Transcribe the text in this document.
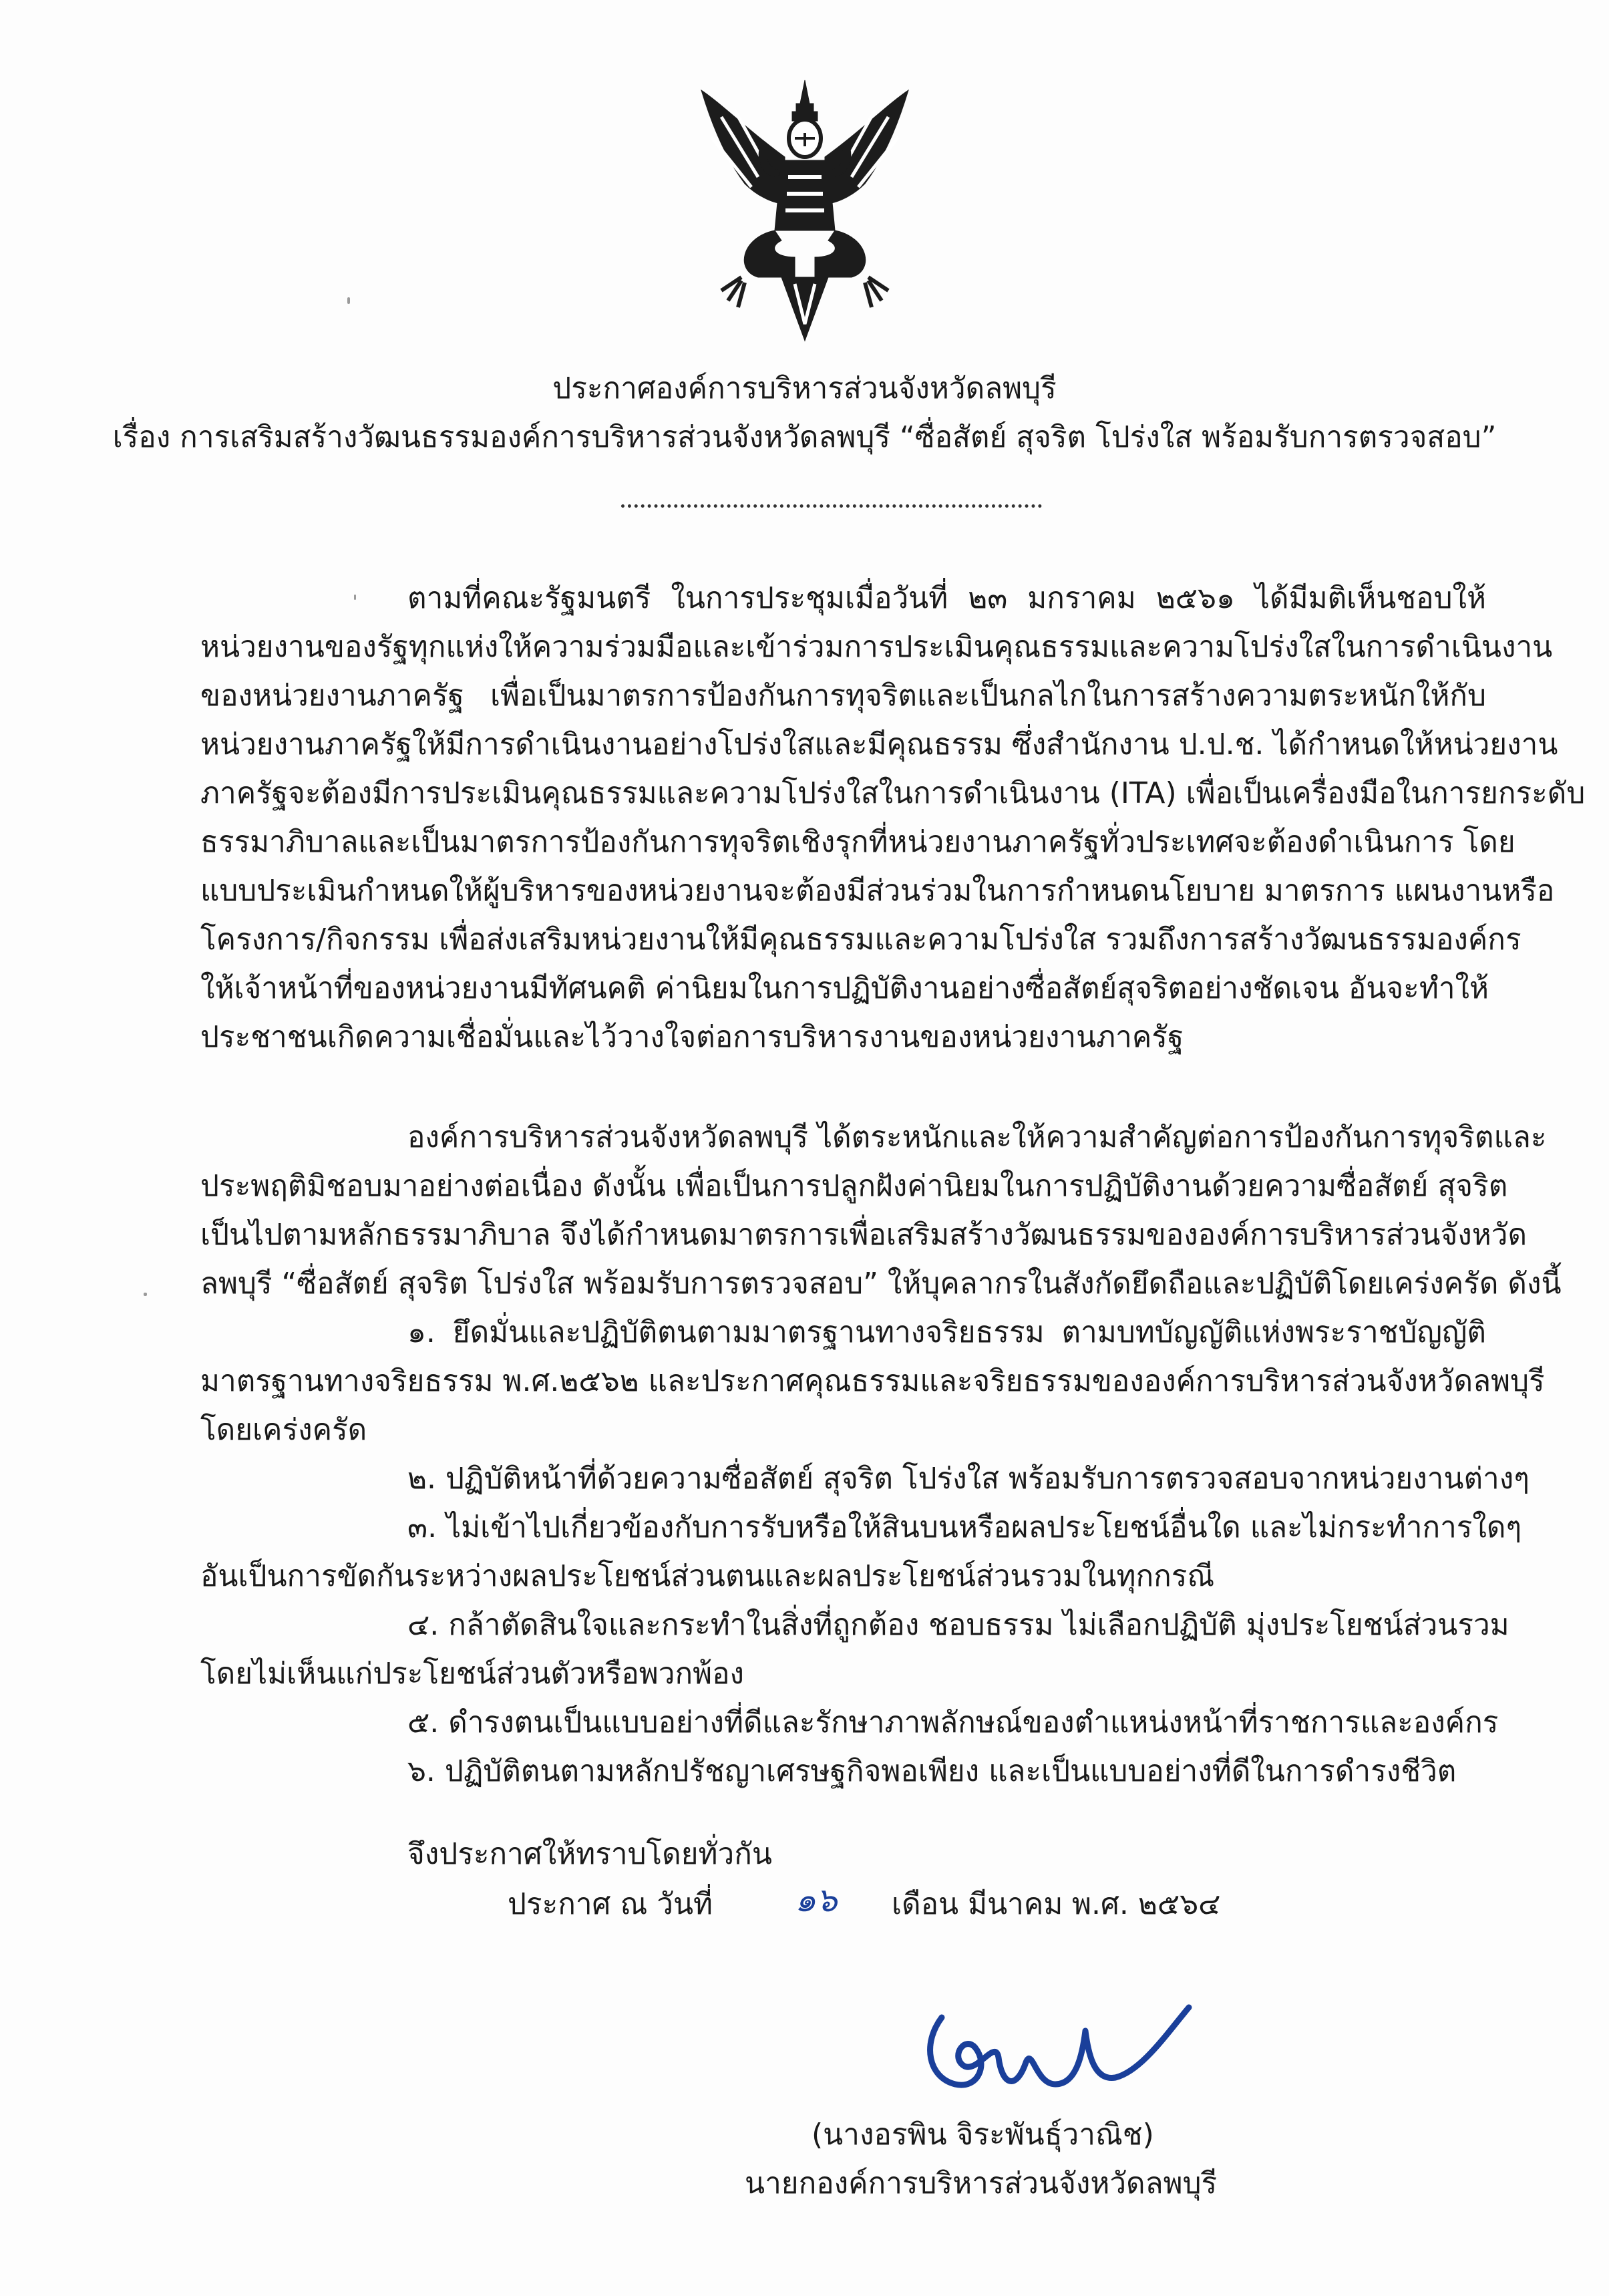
ประกาศองค์การบริหารส่วนจังหวัดลพบุรี
เรื่อง การเสริมสร้างวัฒนธรรมองค์การบริหารส่วนจังหวัดลพบุรี “ซื่อสัตย์ สุจริต โปร่งใส พร้อมรับการตรวจสอบ”
ตามที่คณะรัฐมนตรี ในการประชุมเมื่อวันที่ ๒๓ มกราคม ๒๕๖๑ ได้มีมติเห็นชอบให้
หน่วยงานของรัฐทุกแห่งให้ความร่วมมือและเข้าร่วมการประเมินคุณธรรมและความโปร่งใสในการดำเนินงาน
ของหน่วยงานภาครัฐ เพื่อเป็นมาตรการป้องกันการทุจริตและเป็นกลไกในการสร้างความตระหนักให้กับ
หน่วยงานภาครัฐให้มีการดำเนินงานอย่างโปร่งใสและมีคุณธรรม ซึ่งสำนักงาน ป.ป.ช. ได้กำหนดให้หน่วยงาน
ภาครัฐจะต้องมีการประเมินคุณธรรมและความโปร่งใสในการดำเนินงาน (ITA) เพื่อเป็นเครื่องมือในการยกระดับ
ธรรมาภิบาลและเป็นมาตรการป้องกันการทุจริตเชิงรุกที่หน่วยงานภาครัฐทั่วประเทศจะต้องดำเนินการ โดย
แบบประเมินกำหนดให้ผู้บริหารของหน่วยงานจะต้องมีส่วนร่วมในการกำหนดนโยบาย มาตรการ แผนงานหรือ
โครงการ/กิจกรรม เพื่อส่งเสริมหน่วยงานให้มีคุณธรรมและความโปร่งใส รวมถึงการสร้างวัฒนธรรมองค์กร
ให้เจ้าหน้าที่ของหน่วยงานมีทัศนคติ ค่านิยมในการปฏิบัติงานอย่างซื่อสัตย์สุจริตอย่างชัดเจน อันจะทำให้
ประชาชนเกิดความเชื่อมั่นและไว้วางใจต่อการบริหารงานของหน่วยงานภาครัฐ
องค์การบริหารส่วนจังหวัดลพบุรี ได้ตระหนักและให้ความสำคัญต่อการป้องกันการทุจริตและ
ประพฤติมิชอบมาอย่างต่อเนื่อง ดังนั้น เพื่อเป็นการปลูกฝังค่านิยมในการปฏิบัติงานด้วยความซื่อสัตย์ สุจริต
เป็นไปตามหลักธรรมาภิบาล จึงได้กำหนดมาตรการเพื่อเสริมสร้างวัฒนธรรมขององค์การบริหารส่วนจังหวัด
ลพบุรี “ซื่อสัตย์ สุจริต โปร่งใส พร้อมรับการตรวจสอบ” ให้บุคลากรในสังกัดยึดถือและปฏิบัติโดยเคร่งครัด ดังนี้
๑. ยึดมั่นและปฏิบัติตนตามมาตรฐานทางจริยธรรม ตามบทบัญญัติแห่งพระราชบัญญัติ
มาตรฐานทางจริยธรรม พ.ศ.๒๕๖๒ และประกาศคุณธรรมและจริยธรรมขององค์การบริหารส่วนจังหวัดลพบุรี
โดยเคร่งครัด
๒. ปฏิบัติหน้าที่ด้วยความซื่อสัตย์ สุจริต โปร่งใส พร้อมรับการตรวจสอบจากหน่วยงานต่างๆ
๓. ไม่เข้าไปเกี่ยวข้องกับการรับหรือให้สินบนหรือผลประโยชน์อื่นใด และไม่กระทำการใดๆ
อันเป็นการขัดกันระหว่างผลประโยชน์ส่วนตนและผลประโยชน์ส่วนรวมในทุกกรณี
๔. กล้าตัดสินใจและกระทำในสิ่งที่ถูกต้อง ชอบธรรม ไม่เลือกปฏิบัติ มุ่งประโยชน์ส่วนรวม
โดยไม่เห็นแก่ประโยชน์ส่วนตัวหรือพวกพ้อง
๕. ดำรงตนเป็นแบบอย่างที่ดีและรักษาภาพลักษณ์ของตำแหน่งหน้าที่ราชการและองค์กร
๖. ปฏิบัติตนตามหลักปรัชญาเศรษฐกิจพอเพียง และเป็นแบบอย่างที่ดีในการดำรงชีวิต
จึงประกาศให้ทราบโดยทั่วกัน
ประกาศ ณ วันที่ ๑๖	เดือน มีนาคม พ.ศ. ๒๕๖๔
(นางอรพิน จิระพันธุ์วาณิช)
นายกองค์การบริหารส่วนจังหวัดลพบุรี
